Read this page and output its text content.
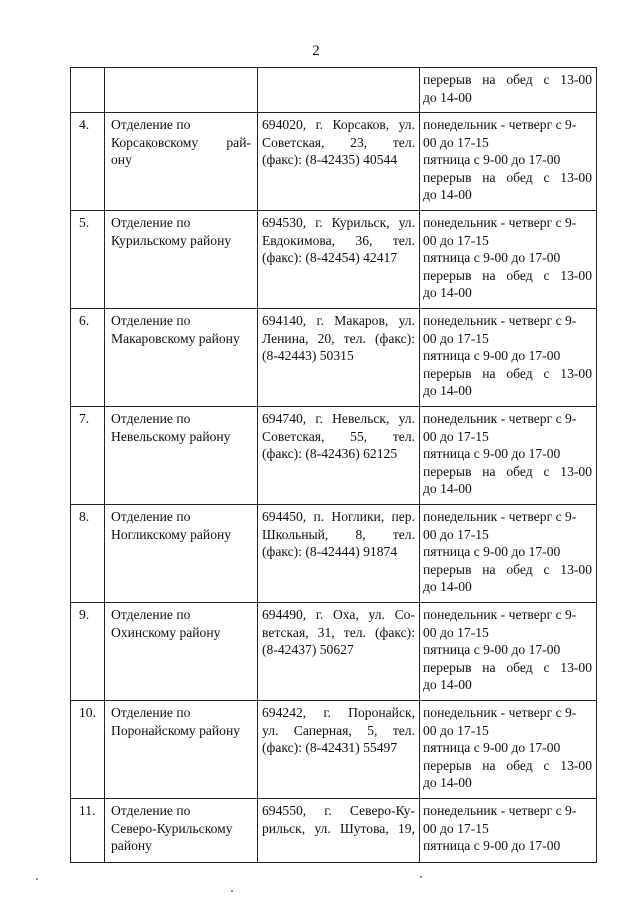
2

			перерыв на обед с 13-00
до 14-00

4.	Отделение по
Корсаковскому рай-
ону	694020, г. Корсаков, ул.
Советская, 23, тел.
(факс): (8-42435) 40544	понедельник - четверг с 9-
00 до 17-15
пятница с 9-00 до 17-00
перерыв на обед с 13-00
до 14-00

5.	Отделение по
Курильскому району	694530, г. Курильск, ул.
Евдокимова, 36, тел.
(факс): (8-42454) 42417	понедельник - четверг с 9-
00 до 17-15
пятница с 9-00 до 17-00
перерыв на обед с 13-00
до 14-00

6.	Отделение по
Макаровскому району	694140, г. Макаров, ул.
Ленина, 20, тел. (факс):
(8-42443) 50315	понедельник - четверг с 9-
00 до 17-15
пятница с 9-00 до 17-00
перерыв на обед с 13-00
до 14-00

7.	Отделение по
Невельскому району	694740, г. Невельск, ул.
Советская, 55, тел.
(факс): (8-42436) 62125	понедельник - четверг с 9-
00 до 17-15
пятница с 9-00 до 17-00
перерыв на обед с 13-00
до 14-00

8.	Отделение по
Ногликскому району	694450, п. Ноглики, пер.
Школьный, 8, тел.
(факс): (8-42444) 91874	понедельник - четверг с 9-
00 до 17-15
пятница с 9-00 до 17-00
перерыв на обед с 13-00
до 14-00

9.	Отделение по
Охинскому району	694490, г. Оха, ул. Со-
ветская, 31, тел. (факс):
(8-42437) 50627	понедельник - четверг с 9-
00 до 17-15
пятница с 9-00 до 17-00
перерыв на обед с 13-00
до 14-00

10.	Отделение по
Поронайскому району	694242, г. Поронайск,
ул. Саперная, 5, тел.
(факс): (8-42431) 55497	понедельник - четверг с 9-
00 до 17-15
пятница с 9-00 до 17-00
перерыв на обед с 13-00
до 14-00

11.	Отделение по
Северо-Курильскому
району	694550, г. Северо-Ку-
рильск, ул. Шутова, 19,	понедельник - четверг с 9-
00 до 17-15
пятница с 9-00 до 17-00
